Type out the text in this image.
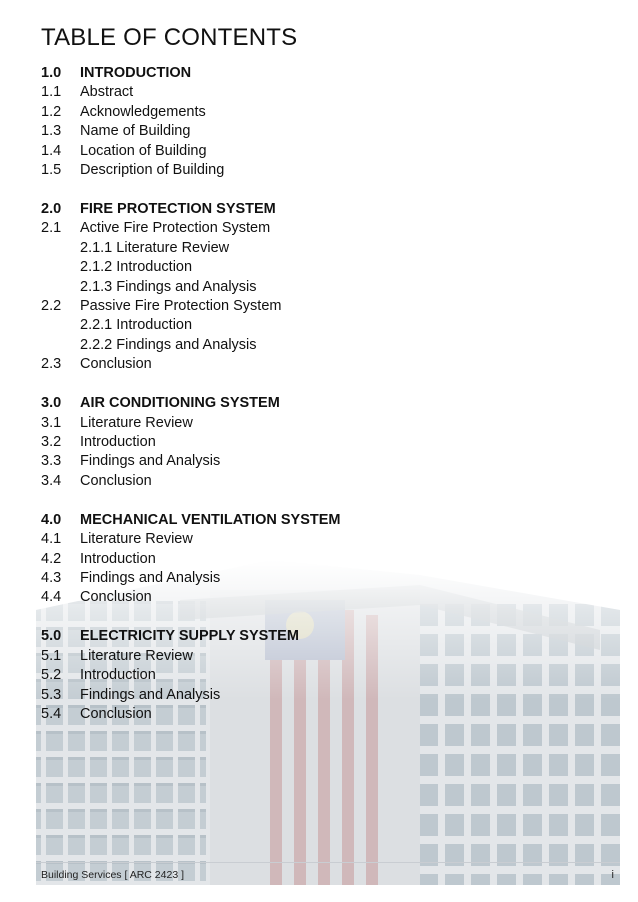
TABLE OF CONTENTS
1.0 INTRODUCTION
1.1 Abstract
1.2 Acknowledgements
1.3 Name of Building
1.4 Location of Building
1.5 Description of Building
2.0 FIRE PROTECTION SYSTEM
2.1 Active Fire Protection System
2.1.1 Literature Review
2.1.2 Introduction
2.1.3 Findings and Analysis
2.2 Passive Fire Protection System
2.2.1 Introduction
2.2.2 Findings and Analysis
2.3 Conclusion
3.0 AIR CONDITIONING SYSTEM
3.1 Literature Review
3.2 Introduction
3.3 Findings and Analysis
3.4 Conclusion
4.0 MECHANICAL VENTILATION SYSTEM
4.1 Literature Review
4.2 Introduction
4.3 Findings and Analysis
4.4 Conclusion
5.0 ELECTRICITY SUPPLY SYSTEM
5.1 Literature Review
5.2 Introduction
5.3 Findings and Analysis
5.4 Conclusion
Building Services [ ARC 2423 ]	i
